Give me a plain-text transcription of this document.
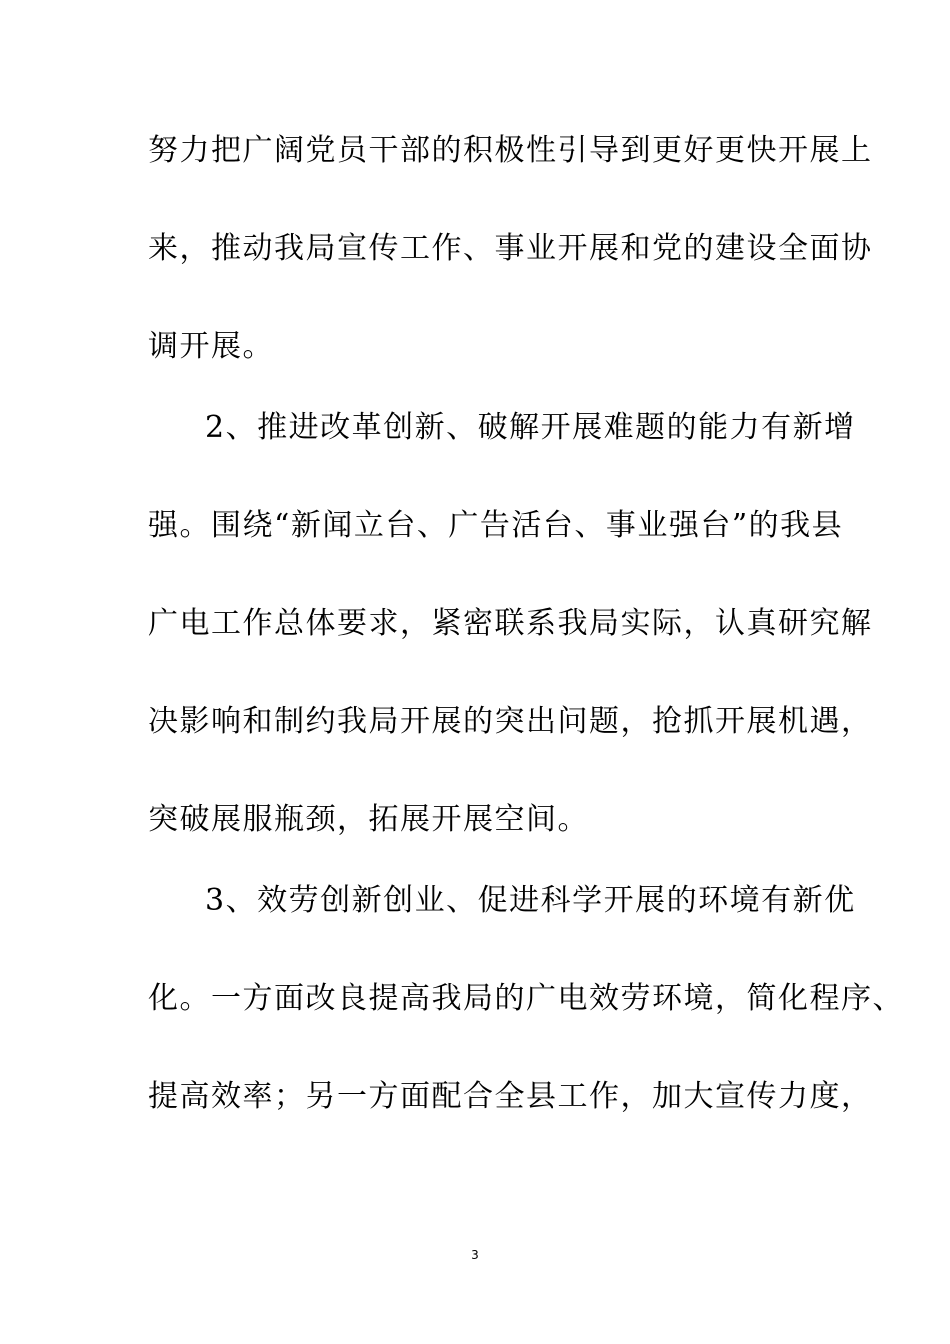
努力把广阔党员干部的积极性引导到更好更快开展上
来，推动我局宣传工作、事业开展和党的建设全面协
调开展。
2、推进改革创新、破解开展难题的能力有新增
强。围绕“新闻立台、广告活台、事业强台”的我县
广电工作总体要求，紧密联系我局实际，认真研究解
决影响和制约我局开展的突出问题，抢抓开展机遇，
突破展服瓶颈，拓展开展空间。
3、效劳创新创业、促进科学开展的环境有新优
化。一方面改良提高我局的广电效劳环境，简化程序、
提高效率；另一方面配合全县工作，加大宣传力度，
3
